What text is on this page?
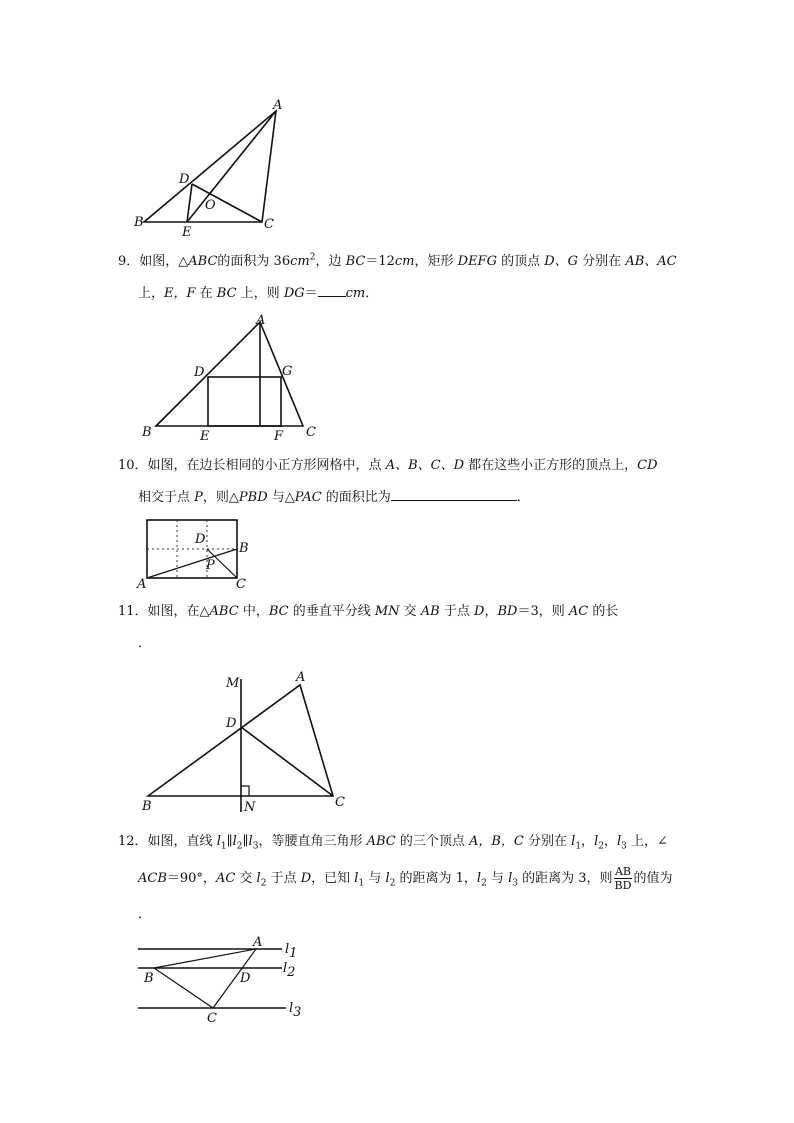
A
B	C
D
E
O
9．如图，△ABC的面积为 $36cm^2$，边 BC＝12cm，矩形 DEFG 的顶点 D、G 分别在 AB、AC
上，E，F 在 BC 上，则 DG＝ cm．
A
B	C
D
E	F
G
10．如图，在边长相同的小正方形网格中，点 A、B、C、D 都在这些小正方形的顶点上，CD
相交于点 P，则△PBD 与△PAC 的面积比为	．
A
B
C
D
P
11．如图，在△ABC 中，BC 的垂直平分线 MN 交 AB 于点 D，BD＝3，则 AC 的长
．
A
B	C
D
M
N
12．如图，直线 $l_1\parallel l_2\parallel l_3$，等腰直角三角形 ABC 的三个顶点 A，B，C 分别在 $l_1$，$l_2$，$l_3$ 上，∠
ACB＝90°，AC 交 $l_2$ 于点 D，已知 $l_1$ 与 $l_2$ 的距离为 1，$l_2$ 与 $l_3$ 的距离为 3，则 $\frac{AB}{BD}$ 的值为
．
A
B
C
D
l1
l2
l3
